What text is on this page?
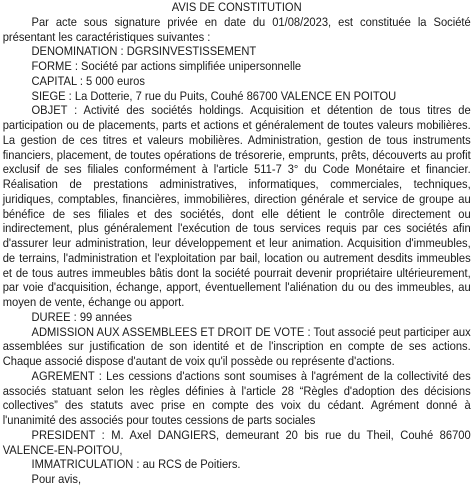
AVIS DE CONSTITUTION

Par acte sous signature privée en date du 01/08/2023, est constituée la Société présentant les caractéristiques suivantes :

DENOMINATION : DGRSINVESTISSEMENT

FORME : Société par actions simplifiée unipersonnelle

CAPITAL : 5 000 euros

SIEGE : La Dotterie, 7 rue du Puits, Couhé 86700 VALENCE EN POITOU

OBJET : Activité des sociétés holdings. Acquisition et détention de tous titres de participation ou de placements, parts et actions et généralement de toutes valeurs mobilières. La gestion de ces titres et valeurs mobilières. Administration, gestion de tous instruments financiers, placement, de toutes opérations de trésorerie, emprunts, prêts, découverts au profit exclusif de ses filiales conformément à l'article 511-7 3° du Code Monétaire et financier. Réalisation de prestations administratives, informatiques, commerciales, techniques, juridiques, comptables, financières, immobilières, direction générale et service de groupe au bénéfice de ses filiales et des sociétés, dont elle détient le contrôle directement ou indirectement, plus généralement l'exécution de tous services requis par ces sociétés afin d'assurer leur administration, leur développement et leur animation. Acquisition d'immeubles, de terrains, l'administration et l'exploitation par bail, location ou autrement desdits immeubles et de tous autres immeubles bâtis dont la société pourrait devenir propriétaire ultérieurement, par voie d'acquisition, échange, apport, éventuellement l'aliénation du ou des immeubles, au moyen de vente, échange ou apport.

DUREE : 99 années

ADMISSION AUX ASSEMBLEES ET DROIT DE VOTE : Tout associé peut participer aux assemblées sur justification de son identité et de l'inscription en compte de ses actions. Chaque associé dispose d'autant de voix qu'il possède ou représente d'actions.

AGREMENT : Les cessions d'actions sont soumises à l'agrément de la collectivité des associés statuant selon les règles définies à l'article 28 “Règles d'adoption des décisions collectives” des statuts avec prise en compte des voix du cédant. Agrément donné à l'unanimité des associés pour toutes cessions de parts sociales

PRESIDENT : M. Axel DANGIERS, demeurant 20 bis rue du Theil, Couhé 86700 VALENCE-EN-POITOU,

IMMATRICULATION : au RCS de Poitiers.

Pour avis,
